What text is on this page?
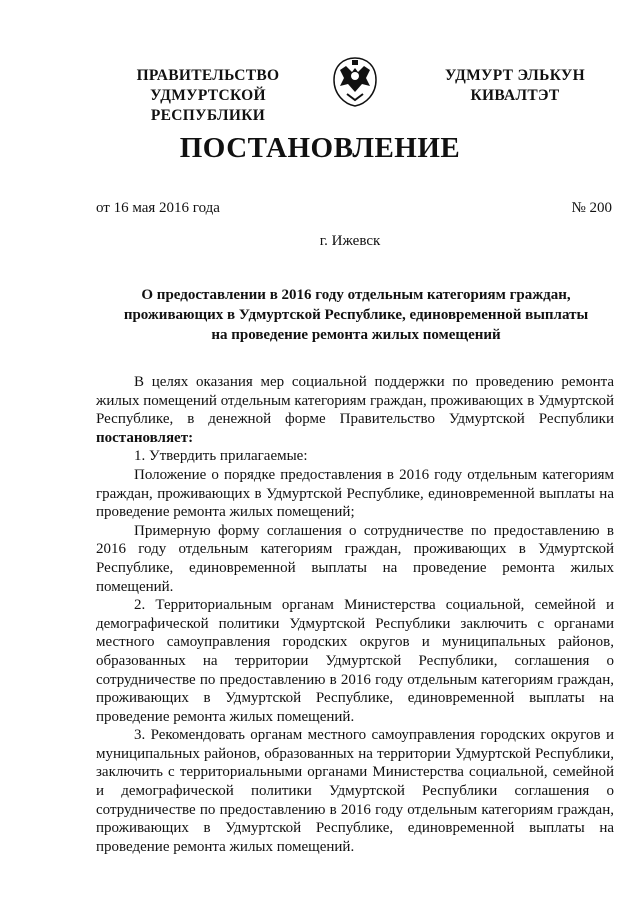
ПРАВИТЕЛЬСТВО
УДМУРТСКОЙ РЕСПУБЛИКИ
УДМУРТ ЭЛЬКУН
КИВАЛТЭТ
ПОСТАНОВЛЕНИЕ
от 16 мая 2016 года	№ 200
г. Ижевск
О предоставлении в 2016 году отдельным категориям граждан,
проживающих в Удмуртской Республике, единовременной выплаты
на проведение ремонта жилых помещений

В целях оказания мер социальной поддержки по проведению ремонта жилых помещений отдельным категориям граждан, проживающих в Удмуртской Республике, в денежной форме Правительство Удмуртской Республики постановляет:

1. Утвердить прилагаемые:

Положение о порядке предоставления в 2016 году отдельным категориям граждан, проживающих в Удмуртской Республике, единовременной выплаты на проведение ремонта жилых помещений;

Примерную форму соглашения о сотрудничестве по предоставлению в 2016 году отдельным категориям граждан, проживающих в Удмуртской Республике, единовременной выплаты на проведение ремонта жилых помещений.

2. Территориальным органам Министерства социальной, семейной и демографической политики Удмуртской Республики заключить с органами местного самоуправления городских округов и муниципальных районов, образованных на территории Удмуртской Республики, соглашения о сотрудничестве по предоставлению в 2016 году отдельным категориям граждан, проживающих в Удмуртской Республике, единовременной выплаты на проведение ремонта жилых помещений.

3. Рекомендовать органам местного самоуправления городских округов и муниципальных районов, образованных на территории Удмуртской Республики, заключить с территориальными органами Министерства социальной, семейной и демографической политики Удмуртской Республики соглашения о сотрудничестве по предоставлению в 2016 году отдельным категориям граждан, проживающих в Удмуртской Республике, единовременной выплаты на проведение ремонта жилых помещений.
